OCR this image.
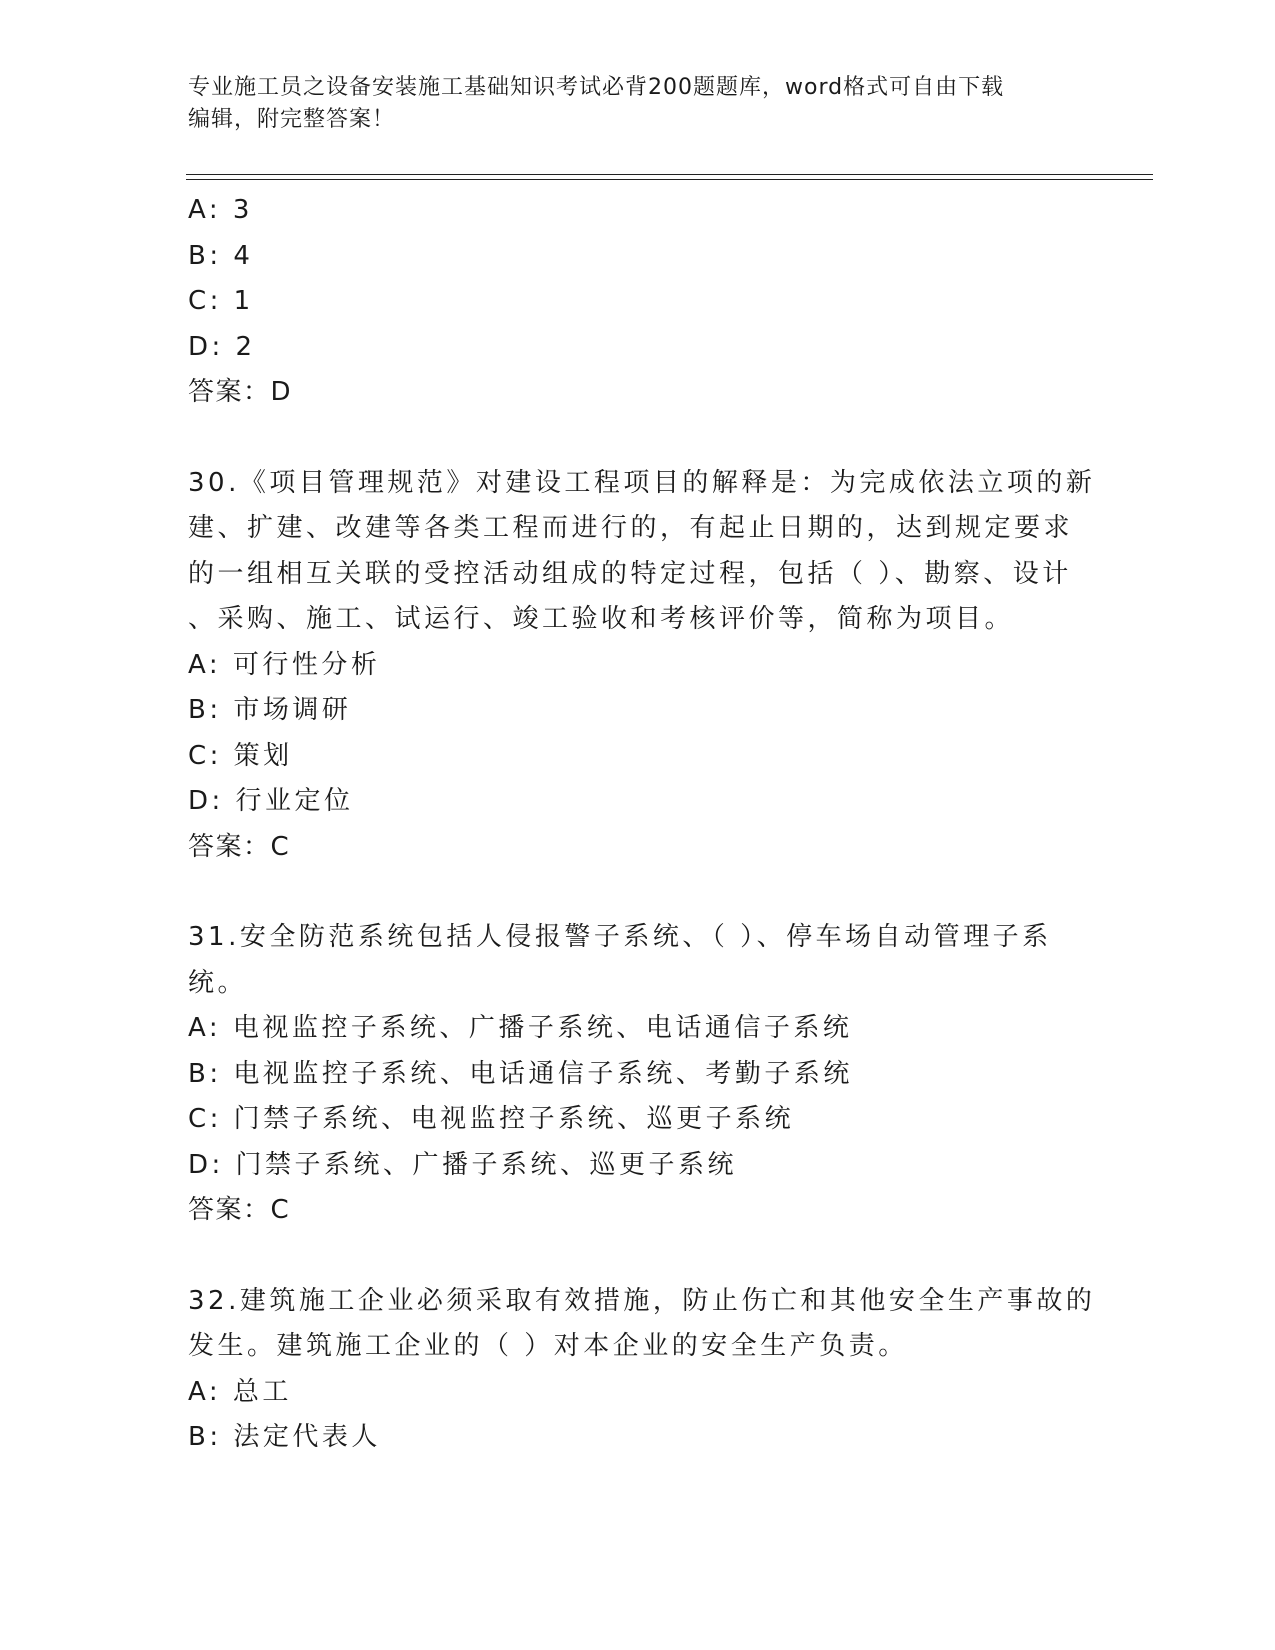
专业施工员之设备安装施工基础知识考试必背200题题库，word格式可自由下载
编辑，附完整答案！
A: 3
B: 4
C: 1
D: 2
答案：D
30.《项目管理规范》对建设工程项目的解释是：为完成依法立项的新
建、扩建、改建等各类工程而进行的，有起止日期的，达到规定要求
的一组相互关联的受控活动组成的特定过程，包括（ ）、勘察、设计
、采购、施工、试运行、竣工验收和考核评价等，简称为项目。
A: 可行性分析
B: 市场调研
C: 策划
D: 行业定位
答案：C
31.安全防范系统包括人侵报警子系统、（ ）、停车场自动管理子系
统。
A: 电视监控子系统、广播子系统、电话通信子系统
B: 电视监控子系统、电话通信子系统、考勤子系统
C: 门禁子系统、电视监控子系统、巡更子系统
D: 门禁子系统、广播子系统、巡更子系统
答案：C
32.建筑施工企业必须采取有效措施，防止伤亡和其他安全生产事故的
发生。建筑施工企业的（ ）对本企业的安全生产负责。
A: 总工
B: 法定代表人
